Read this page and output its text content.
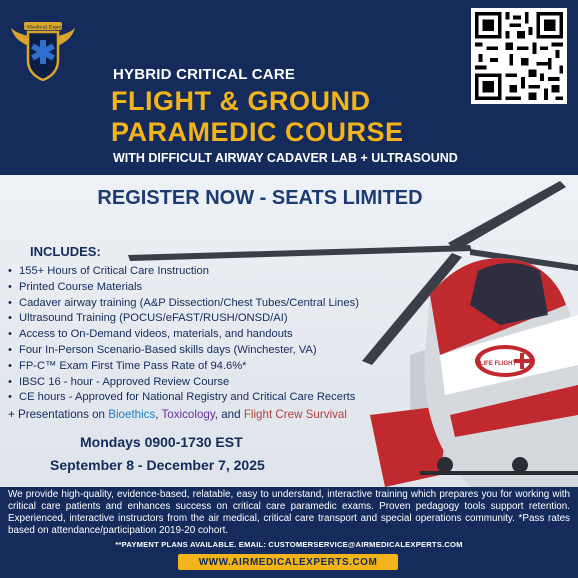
Air Medical Experts
HYBRID CRITICAL CARE
FLIGHT & GROUND
PARAMEDIC COURSE
WITH DIFFICULT AIRWAY CADAVER LAB + ULTRASOUND
LIFE FLIGHT
REGISTER NOW - SEATS LIMITED
INCLUDES:
• 155+ Hours of Critical Care Instruction
• Printed Course Materials
• Cadaver airway training (A&P Dissection/Chest Tubes/Central Lines)
• Ultrasound Training (POCUS/eFAST/RUSH/ONSD/AI)
• Access to On-Demand videos, materials, and handouts
• Four In-Person Scenario-Based skills days (Winchester, VA)
• FP-C™ Exam First Time Pass Rate of 94.6%*
• IBSC 16 - hour - Approved Review Course
• CE hours - Approved for National Registry and Critical Care Recerts
+ Presentations on Bioethics, Toxicology, and Flight Crew Survival
Mondays 0900-1730 EST
September 8 - December 7, 2025
We provide high-quality, evidence-based, relatable, easy to understand, interactive training which prepares you for working with critical care patients and enhances success on critical care paramedic exams. Proven pedagogy tools support retention. Experienced, interactive instructors from the air medical, critical care transport and special operations community. *Pass rates based on attendance/participation 2019-20 cohort.
**PAYMENT PLANS AVAILABLE. EMAIL: CUSTOMERSERVICE@AIRMEDICALEXPERTS.COM
WWW.AIRMEDICALEXPERTS.COM
